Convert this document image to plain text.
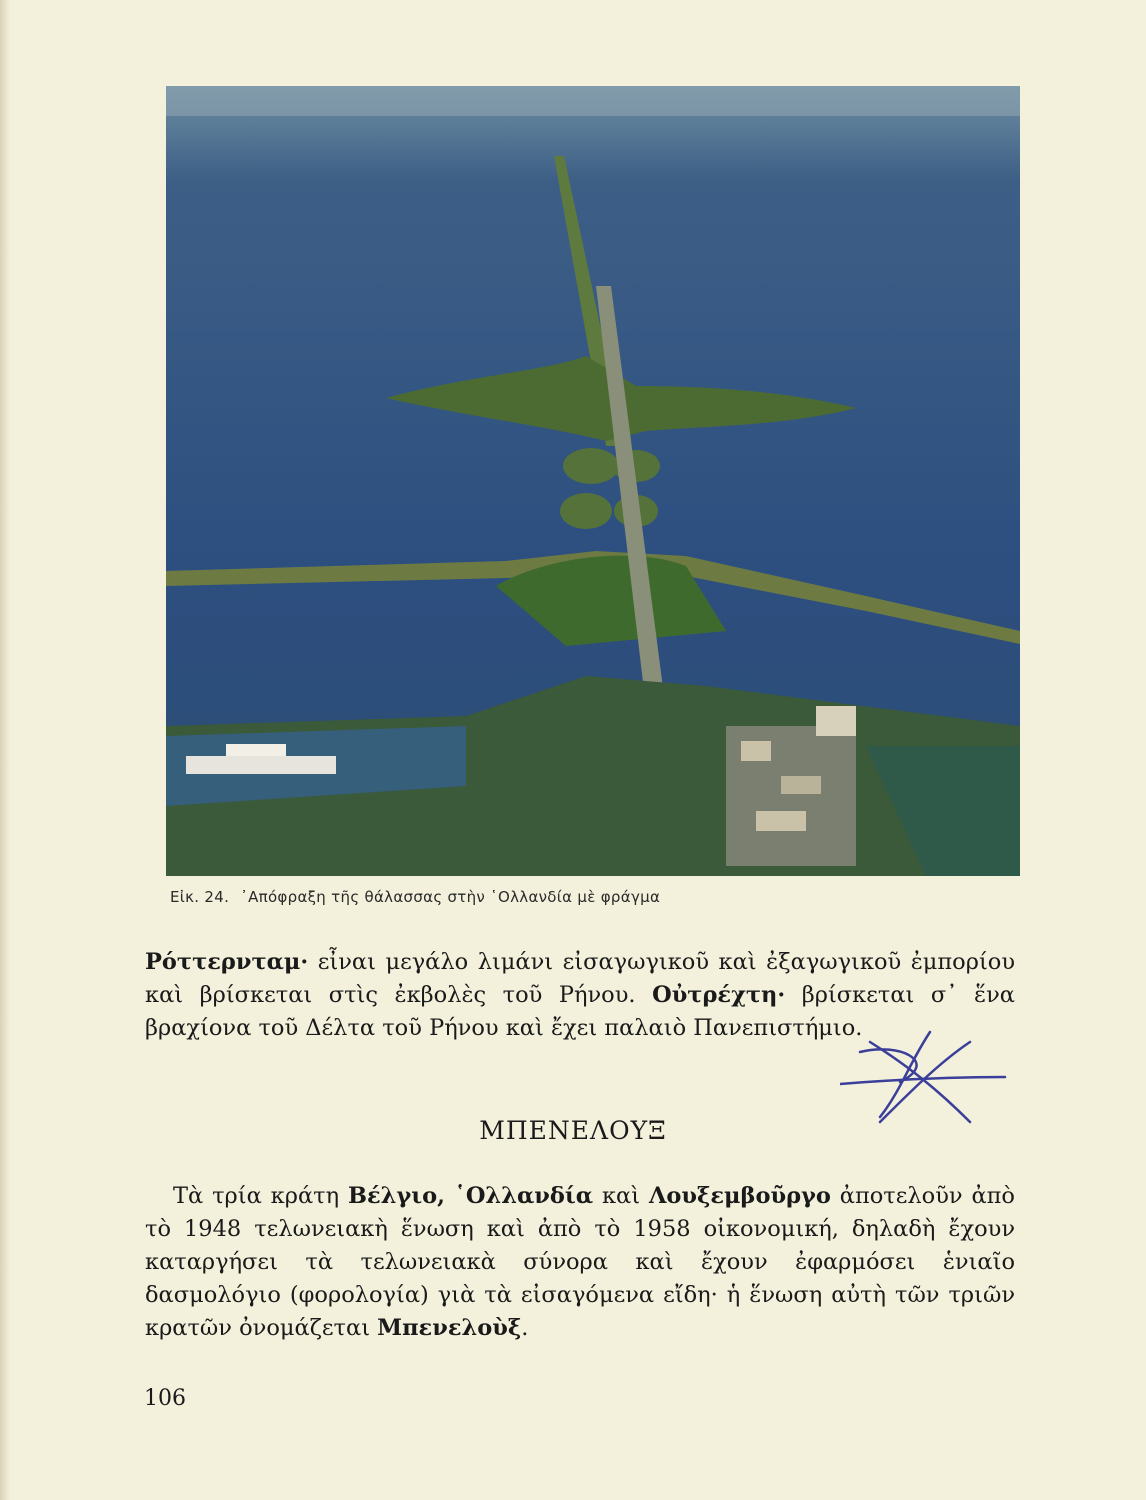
Εἰκ. 24. ᾿Απόφραξη τῆς θάλασσας στὴν ῾Ολλανδία μὲ φράγμα
Ρόττερνταμ· εἶναι μεγάλο λιμάνι εἰσαγωγικοῦ καὶ ἐξαγωγικοῦ ἐμπορίου καὶ βρίσκεται στὶς ἐκβολὲς τοῦ Ρήνου. Οὐτρέχτη· βρίσκεται σ᾿ ἕνα βραχίονα τοῦ Δέλτα τοῦ Ρήνου καὶ ἔχει παλαιὸ Πανεπιστήμιο.
ΜΠΕΝΕΛΟΥΞ
Τὰ τρία κράτη Βέλγιο, ῾Ολλανδία καὶ Λουξεμβοῦργο ἀποτελοῦν ἀπὸ τὸ 1948 τελωνειακὴ ἕνωση καὶ ἀπὸ τὸ 1958 οἰκονομική, δηλαδὴ ἔχουν καταργήσει τὰ τελωνειακὰ σύνορα καὶ ἔχουν ἐφαρμόσει ἑνιαῖο δασμολόγιο (φορολογία) γιὰ τὰ εἰσαγόμενα εἴδη· ἡ ἕνωση αὐτὴ τῶν τριῶν κρατῶν ὀνομάζεται Μπενελοὺξ.
106
